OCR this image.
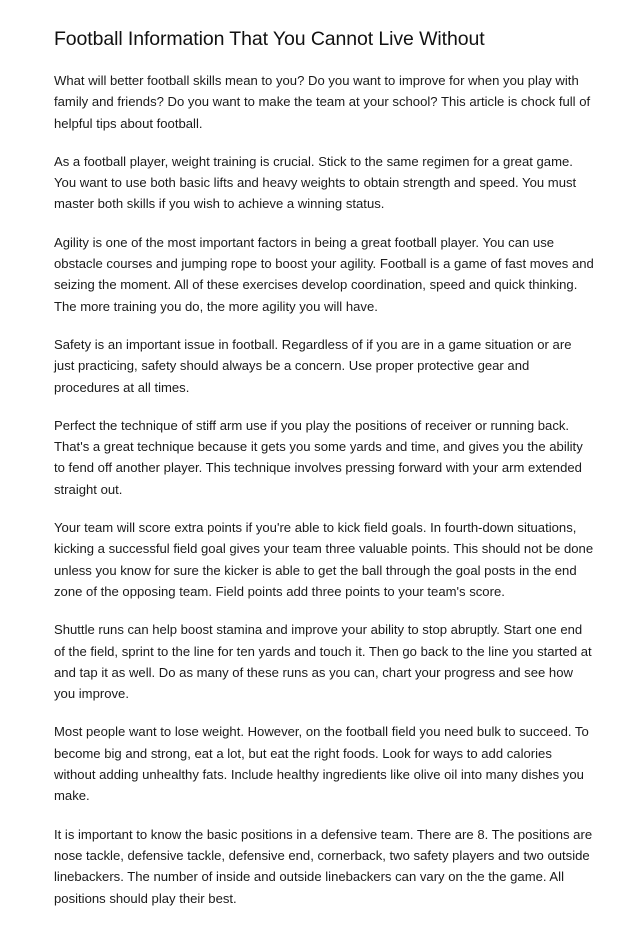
Football Information That You Cannot Live Without

What will better football skills mean to you? Do you want to improve for when you play with family and friends? Do you want to make the team at your school? This article is chock full of helpful tips about football.

As a football player, weight training is crucial. Stick to the same regimen for a great game. You want to use both basic lifts and heavy weights to obtain strength and speed. You must master both skills if you wish to achieve a winning status.

Agility is one of the most important factors in being a great football player. You can use obstacle courses and jumping rope to boost your agility. Football is a game of fast moves and seizing the moment. All of these exercises develop coordination, speed and quick thinking. The more training you do, the more agility you will have.

Safety is an important issue in football. Regardless of if you are in a game situation or are just practicing, safety should always be a concern. Use proper protective gear and procedures at all times.

Perfect the technique of stiff arm use if you play the positions of receiver or running back. That's a great technique because it gets you some yards and time, and gives you the ability to fend off another player. This technique involves pressing forward with your arm extended straight out.

Your team will score extra points if you're able to kick field goals. In fourth-down situations, kicking a successful field goal gives your team three valuable points. This should not be done unless you know for sure the kicker is able to get the ball through the goal posts in the end zone of the opposing team. Field points add three points to your team's score.

Shuttle runs can help boost stamina and improve your ability to stop abruptly. Start one end of the field, sprint to the line for ten yards and touch it. Then go back to the line you started at and tap it as well. Do as many of these runs as you can, chart your progress and see how you improve.

Most people want to lose weight. However, on the football field you need bulk to succeed. To become big and strong, eat a lot, but eat the right foods. Look for ways to add calories without adding unhealthy fats. Include healthy ingredients like olive oil into many dishes you make.

It is important to know the basic positions in a defensive team. There are 8. The positions are nose tackle, defensive tackle, defensive end, cornerback, two safety players and two outside linebackers. The number of inside and outside linebackers can vary on the the game. All positions should play their best.
